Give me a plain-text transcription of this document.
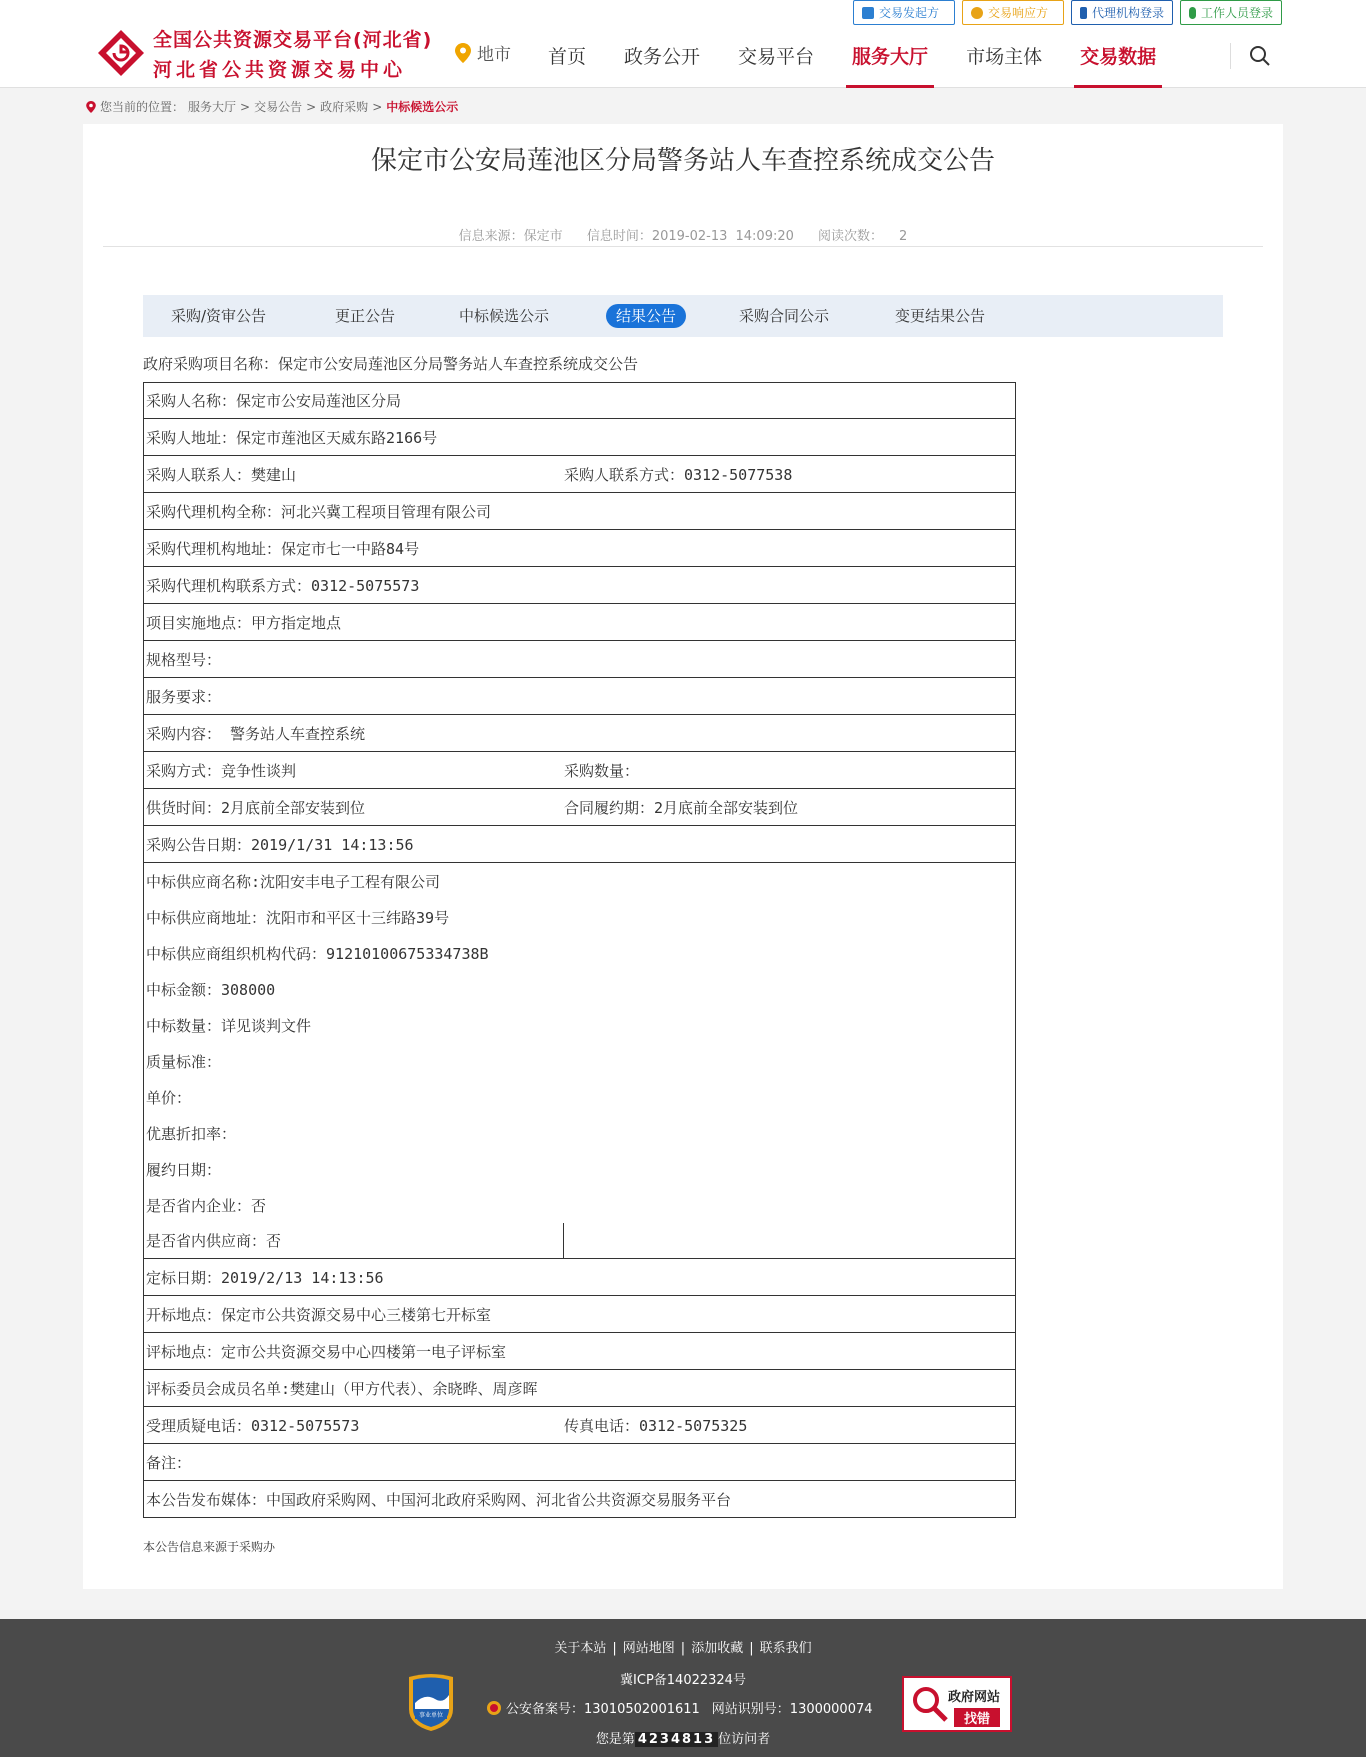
全国公共资源交易平台(河北省)
河北省公共资源交易中心
地市 首页 政务公开 交易平台 服务大厅 市场主体 交易数据
交易发起方	交易响应方	代理机构登录	工作人员登录
您当前的位置： 服务大厅 > 交易公告 > 政府采购 > 中标候选公示
保定市公安局莲池区分局警务站人车查控系统成交公告
信息来源：保定市 信息时间：2019-02-13 14:09:20 阅读次数： 2
采购/资审公告	更正公告	中标候选公示	结果公告	采购合同公示	变更结果公告
政府采购项目名称：保定市公安局莲池区分局警务站人车查控系统成交公告
采购人名称：保定市公安局莲池区分局
采购人地址：保定市莲池区天威东路2166号
采购人联系人：樊建山	采购人联系方式：0312-5077538
采购代理机构全称：河北兴冀工程项目管理有限公司
采购代理机构地址：保定市七一中路84号
采购代理机构联系方式：0312-5075573
项目实施地点：甲方指定地点
规格型号：
服务要求：
采购内容： 警务站人车查控系统
采购方式：竞争性谈判	采购数量：
供货时间：2月底前全部安装到位	合同履约期：2月底前全部安装到位
采购公告日期：2019/1/31 14:13:56
中标供应商名称:沈阳安丰电子工程有限公司
中标供应商地址：沈阳市和平区十三纬路39号
中标供应商组织机构代码：91210100675334738B
中标金额：308000
中标数量：详见谈判文件
质量标准：
单价：
优惠折扣率：
履约日期：
是否省内企业：否
是否省内供应商：否
定标日期：2019/2/13 14:13:56
开标地点：保定市公共资源交易中心三楼第七开标室
评标地点：定市公共资源交易中心四楼第一电子评标室
评标委员会成员名单:樊建山（甲方代表）、余晓晔、周彦晖
受理质疑电话：0312-5075573	传真电话：0312-5075325
备注：
本公告发布媒体：中国政府采购网、中国河北政府采购网、河北省公共资源交易服务平台
本公告信息来源于采购办
关于本站 | 网站地图 | 添加收藏 | 联系我们
冀ICP备14022324号
公安备案号：13010502001611 网站识别号：1300000074
您是第 4234813 位访问者
事业单位
政府网站
找错
